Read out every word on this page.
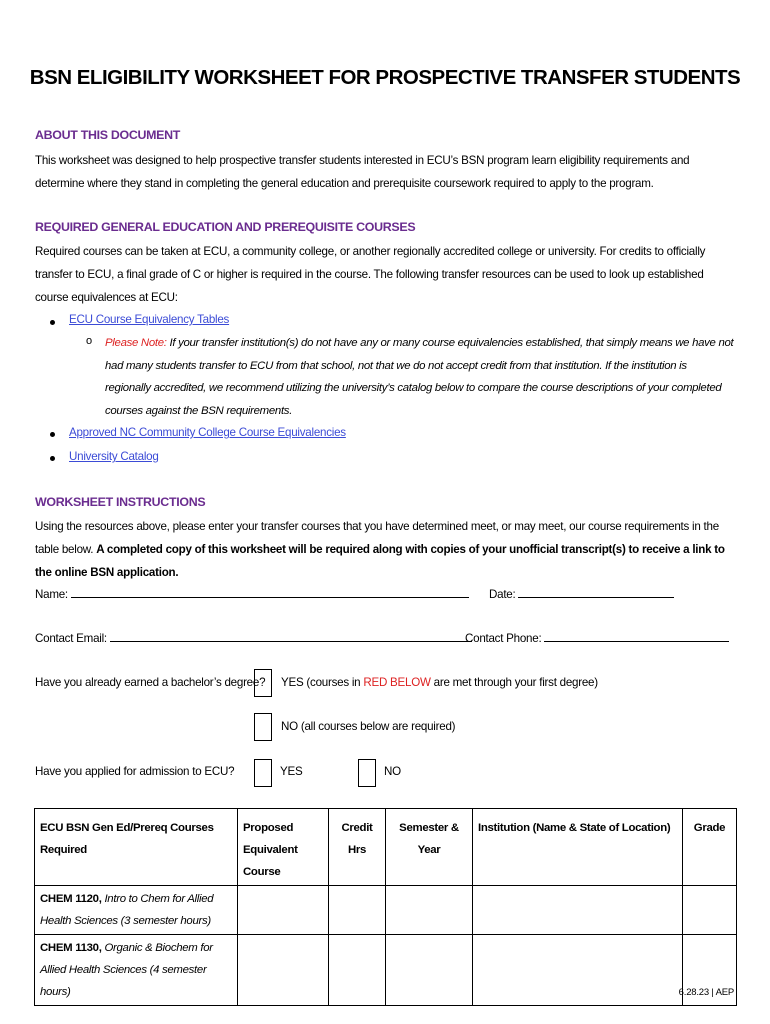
BSN ELIGIBILITY WORKSHEET FOR PROSPECTIVE TRANSFER STUDENTS
ABOUT THIS DOCUMENT
This worksheet was designed to help prospective transfer students interested in ECU’s BSN program learn eligibility requirements and determine where they stand in completing the general education and prerequisite coursework required to apply to the program.
REQUIRED GENERAL EDUCATION AND PREREQUISITE COURSES
Required courses can be taken at ECU, a community college, or another regionally accredited college or university. For credits to officially transfer to ECU, a final grade of C or higher is required in the course. The following transfer resources can be used to look up established course equivalences at ECU:
ECU Course Equivalency Tables
o Please Note: If your transfer institution(s) do not have any or many course equivalencies established, that simply means we have not had many students transfer to ECU from that school, not that we do not accept credit from that institution. If the institution is regionally accredited, we recommend utilizing the university’s catalog below to compare the course descriptions of your completed courses against the BSN requirements.
Approved NC Community College Course Equivalencies
University Catalog
WORKSHEET INSTRUCTIONS
Using the resources above, please enter your transfer courses that you have determined meet, or may meet, our course requirements in the table below. A completed copy of this worksheet will be required along with copies of your unofficial transcript(s) to receive a link to the online BSN application.
Name:	Date:
Contact Email:	Contact Phone:
Have you already earned a bachelor’s degree? YES (courses in RED BELOW are met through your first degree)
NO (all courses below are required)
Have you applied for admission to ECU?	YES	NO
ECU BSN Gen Ed/Prereq Courses Required	Proposed Equivalent Course	Credit Hrs	Semester & Year	Institution (Name & State of Location)	Grade
CHEM 1120, Intro to Chem for Allied Health Sciences (3 semester hours)					
CHEM 1130, Organic & Biochem for Allied Health Sciences (4 semester hours)						6.28.23 | AEP
